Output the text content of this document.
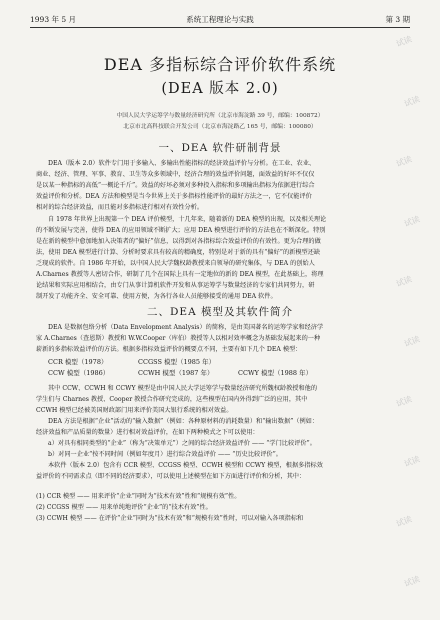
1993 年 5 月	系统工程理论与实践	第 3 期
DEA 多指标综合评价软件系统
(DEA 版本 2.0)
中国人民大学运筹学与数量经济研究所（北京市海淀路 39 号，邮编：100872）
北京市北高科技联合开发公司（北京市海淀路乙 165 号，邮编：100080）
一、DEA 软件研制背景

DEA（版本 2.0）软件专门用于多输入、多输出性能指标的经济效益评价与分析。在工业、农业、

商业、经济、管理、军事、教育、卫生等众多领域中，经济合理的效益评价问题，面效益的好坏不仅仅

是以某一种指标的高低“一概论千斤”。效益的好坏必须对多种投入指标和多项输出指标为依据进行综合

效益评价和分析。DEA 方法和模型是当今世界上关于多指标性能评价的最好方法之一，它不仅能评价

相对的综合经济效益，而且能对多指标进行相对有效性分析。

自 1978 年世界上出现第一个 DEA 评价模型，十几年来，随着新的 DEA 模型的出现，以及相关理论

的不断发展与完善，使得 DEA 的应用领域不断扩大；应用 DEA 模型进行评价的方法也在不断深化。特别

是在新的模型中愈加地加入决策者的“偏好”信息，以得到对各指标综合效益评价的有效性。更为合理的做

法，使用 DEA 模型进行计算、分析时要求具有较高的精确度，特别是对于新的具有“偏好”的新模型还缺

乏现成的软件。自 1986 年开始，以中国人民大学魏权龄教授来自领导的研究集体，与 DEA 的创始人

A.Charnes 教授等人密切合作，研制了几个在国际上具有一定地位的新的 DEA 模型，在此基础上，将理

论结果和实际应用相结合，由专门从事计算机软件开发和从事运筹学与数量经济的专家们共同努力，研

制开发了功能齐全、安全可靠、使用方便，为各行各业人员能够接受的通用 DEA 软件。

二、DEA 模型及其软件简介

DEA 是数据包络分析（Data Envelopment Analysis）的简称，是由美国著名的运筹学家和经济学

家 A.Charnes（查恩斯）教授和 W.W.Cooper（库伯）教授等人以相对效率概念为基础发展起来的一种

崭新的多指标效益评价的方法。根据多指标效益评价的概要点不同，主要有如下几个 DEA 模型：

CCR 模型（1978）	CCGSS 模型（1985 年）
CCW 模型（1986）	CCWH 模型（1987 年）	CCWY 模型（1988 年）

其中 CCW、CCWH 和 CCWY 模型是由中国人民大学运筹学与数量经济研究所魏权龄教授和他的

学生们与 Charnes 教授、Cooper 教授合作研究完成的，这些模型在国内外得到广泛的应用，其中

CCWH 模型已经被美国财政部门用来评价美国大银行系统的相对效益。

DEA 方法是根据“企业”活动的“输入数据”（例如：各种原材料的消耗数量）和“输出数据”（例如：

经济效益和产品质量的数量）进行相对效益评价，在如下两种模式之下可以使用：

a）对具有相同类型的“企业”（称为“决策单元”）之间的综合经济效益评价 —— “学门比较评价”。

b）对同一企业“按不同时间（例如年度月）进行综合效益评价 —— “历史比较评价”。

本软件（版本 2.0）包含有 CCR 模型、CCGSS 模型、CCWH 模型和 CCWY 模型，根据多指标效

益评价的不同需求点（即不同的经济要求），可以使用上述模型在如下方面进行评价和分析，其中：

(1) CCR 模型 —— 用来评价“企业”同时为“技术有效”性和“规模有效”性。

(2) CCGSS 模型 —— 用来单纯地评价“企业”的“技术有效”性。

(3) CCWH 模型 —— 在评价“企业”同时为“技术有效”和“规模有效”性时，可以对输入各项指标和

试读
试读
试读
试读
试读
试读
试读
试读
试读
试读
